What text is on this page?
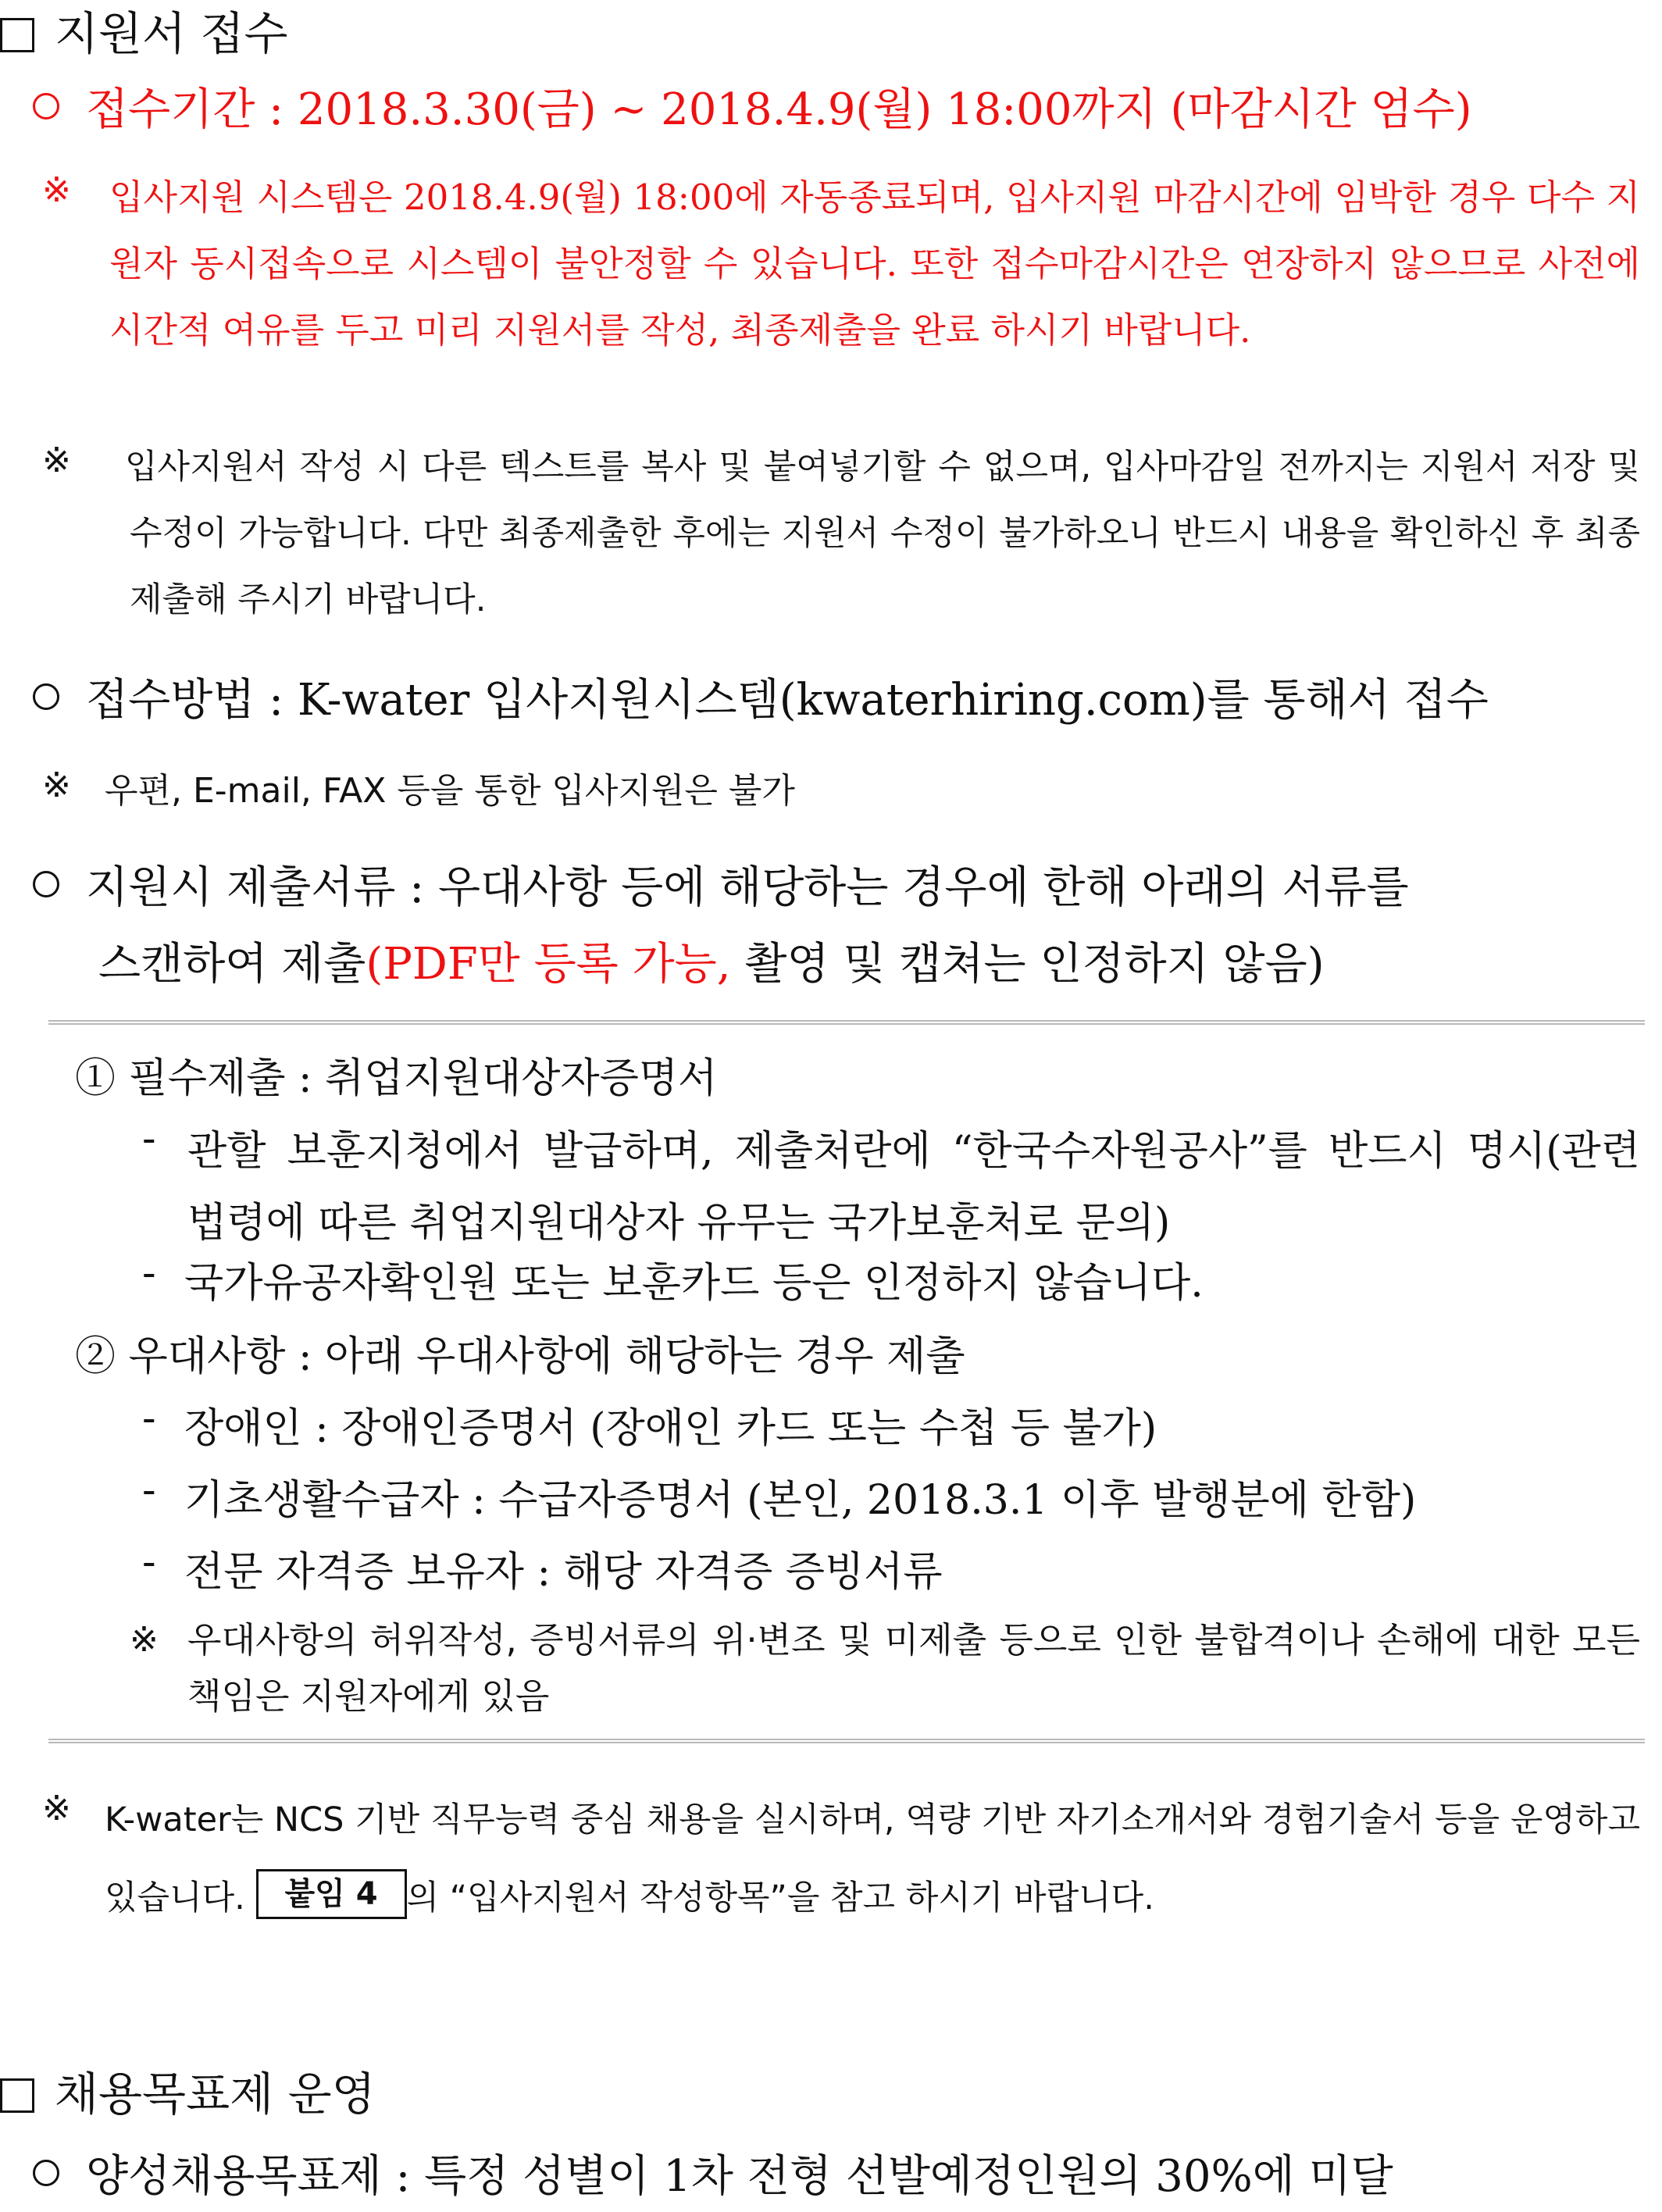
지원서 접수
접수기간 : 2018.3.30(금) ~ 2018.4.9(월) 18:00까지 (마감시간 엄수)
※ 입사지원 시스템은 2018.4.9(월) 18:00에 자동종료되며, 입사지원 마감시간에 임박한 경우 다수 지원자 동시접속으로 시스템이 불안정할 수 있습니다. 또한 접수마감시간은 연장하지 않으므로 사전에 시간적 여유를 두고 미리 지원서를 작성, 최종제출을 완료 하시기 바랍니다.
※ 입사지원서 작성 시 다른 텍스트를 복사 및 붙여넣기할 수 없으며, 입사마감일 전까지는 지원서 저장 및 수정이 가능합니다. 다만 최종제출한 후에는 지원서 수정이 불가하오니 반드시 내용을 확인하신 후 최종제출해 주시기 바랍니다.
접수방법 : K-water 입사지원시스템(kwaterhiring.com)를 통해서 접수
※ 우편, E-mail, FAX 등을 통한 입사지원은 불가
지원시 제출서류 : 우대사항 등에 해당하는 경우에 한해 아래의 서류를
스캔하여 제출(PDF만 등록 가능, 촬영 및 캡쳐는 인정하지 않음)
① 필수제출 : 취업지원대상자증명서
- 관할 보훈지청에서 발급하며, 제출처란에 “한국수자원공사”를 반드시 명시(관련 법령에 따른 취업지원대상자 유무는 국가보훈처로 문의)
- 국가유공자확인원 또는 보훈카드 등은 인정하지 않습니다.
② 우대사항 : 아래 우대사항에 해당하는 경우 제출
- 장애인 : 장애인증명서 (장애인 카드 또는 수첩 등 불가)
- 기초생활수급자 : 수급자증명서 (본인, 2018.3.1 이후 발행분에 한함)
- 전문 자격증 보유자 : 해당 자격증 증빙서류
※ 우대사항의 허위작성, 증빙서류의 위·변조 및 미제출 등으로 인한 불합격이나 손해에 대한 모든 책임은 지원자에게 있음
※ K-water는 NCS 기반 직무능력 중심 채용을 실시하며, 역량 기반 자기소개서와 경험기술서 등을 운영하고 있습니다. 붙임 4 의 “입사지원서 작성항목”을 참고 하시기 바랍니다.
채용목표제 운영
양성채용목표제 : 특정 성별이 1차 전형 선발예정인원의 30%에 미달
